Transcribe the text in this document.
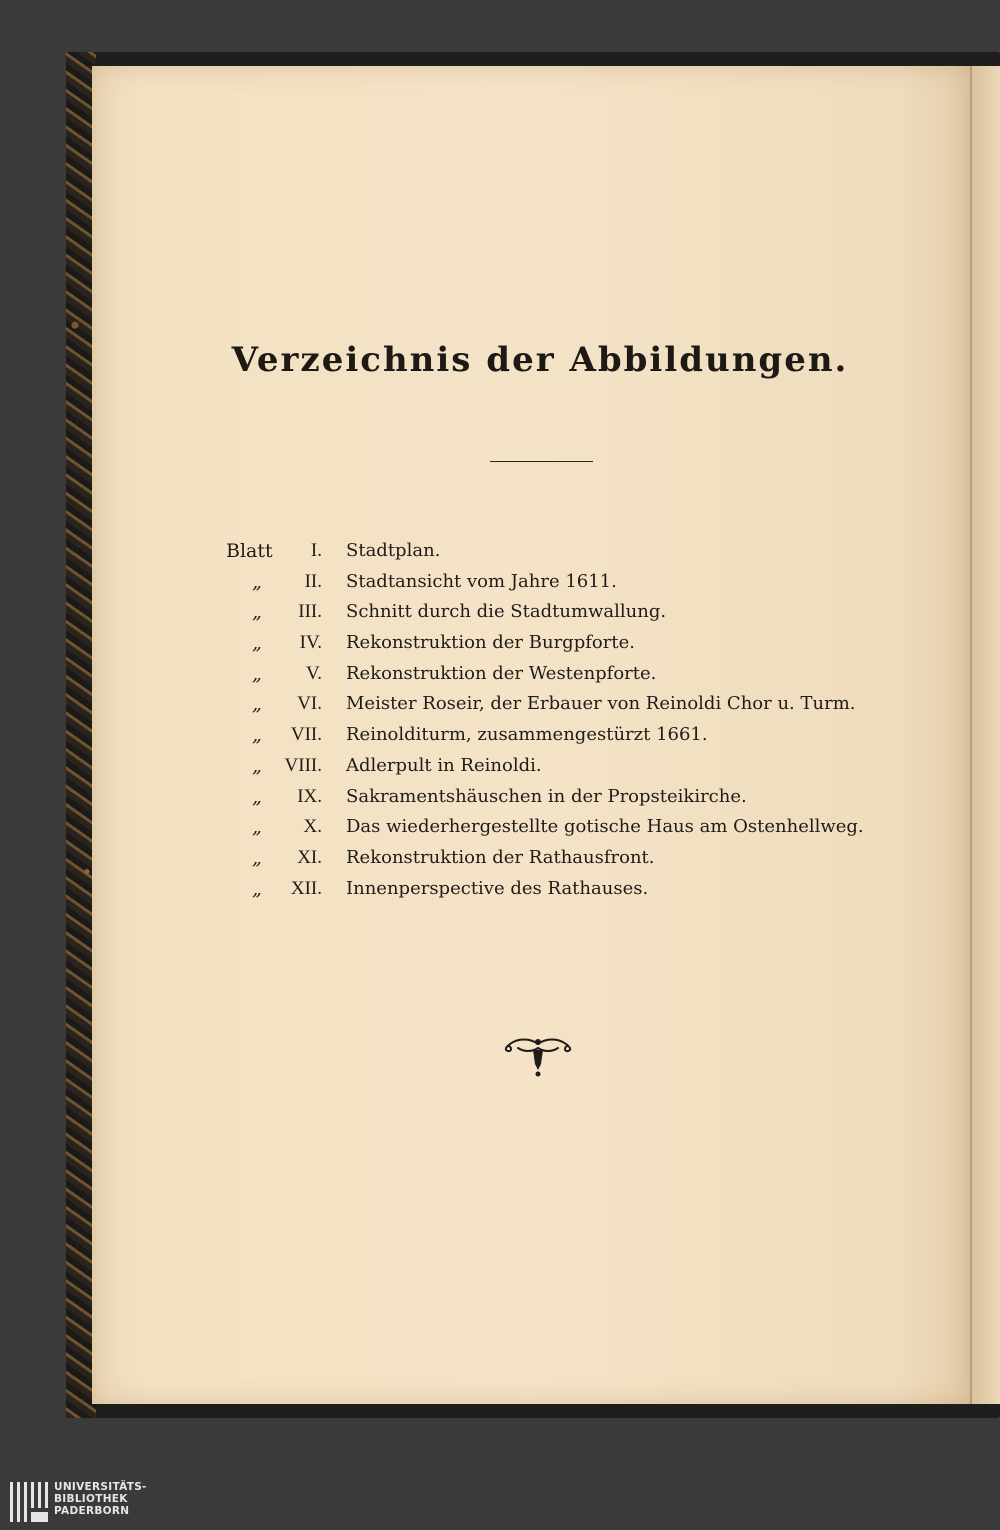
Verzeichnis der Abbildungen.
Blatt	I. Stadtplan.
„	II. Stadtansicht vom Jahre 1611.
„	III. Schnitt durch die Stadtumwallung.
„	IV. Rekonstruktion der Burgpforte.
„	V. Rekonstruktion der Westenpforte.
„	VI. Meister Roseir, der Erbauer von Reinoldi Chor u. Turm.
„	VII. Reinolditurm, zusammengestürzt 1661.
„	VIII. Adlerpult in Reinoldi.
„	IX. Sakramentshäuschen in der Propsteikirche.
„	X. Das wiederhergestellte gotische Haus am Ostenhellweg.
„	XI. Rekonstruktion der Rathausfront.
„	XII. Innenperspective des Rathauses.
UNIVERSITÄTS-
BIBLIOTHEK
PADERBORN
